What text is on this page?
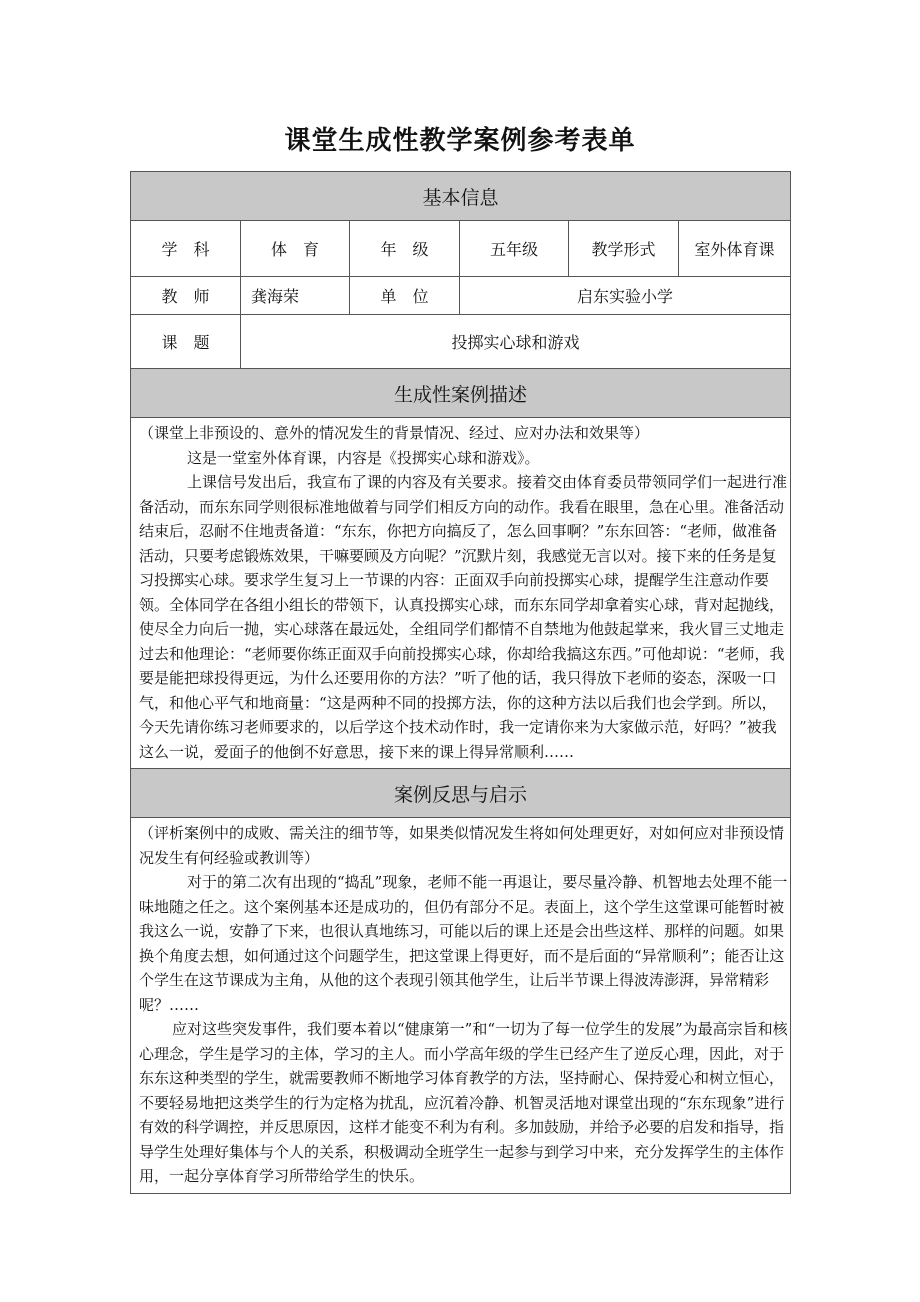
课堂生成性教学案例参考表单
基本信息					
学　科	体　育	年　级	五年级	教学形式	室外体育课
教　师	龚海荣	单　位	启东实验小学		
课　题	投掷实心球和游戏				
生成性案例描述					

（课堂上非预设的、意外的情况发生的背景情况、经过、应对办法和效果等）

这是一堂室外体育课，内容是《投掷实心球和游戏》。

上课信号发出后，我宣布了课的内容及有关要求。接着交由体育委员带领同学们一起进行准备活动，而东东同学则很标准地做着与同学们相反方向的动作。我看在眼里，急在心里。准备活动结束后，忍耐不住地责备道：“东东，你把方向搞反了，怎么回事啊？”东东回答：“老师，做准备活动，只要考虑锻炼效果，干嘛要顾及方向呢？”沉默片刻，我感觉无言以对。接下来的任务是复习投掷实心球。要求学生复习上一节课的内容：正面双手向前投掷实心球，提醒学生注意动作要领。全体同学在各组小组长的带领下，认真投掷实心球，而东东同学却拿着实心球，背对起抛线，使尽全力向后一抛，实心球落在最远处，全组同学们都情不自禁地为他鼓起掌来，我火冒三丈地走过去和他理论：“老师要你练正面双手向前投掷实心球，你却给我搞这东西。”可他却说：“老师，我要是能把球投得更远，为什么还要用你的方法？”听了他的话，我只得放下老师的姿态，深吸一口气，和他心平气和地商量：“这是两种不同的投掷方法，你的这种方法以后我们也会学到。所以，今天先请你练习老师要求的，以后学这个技术动作时，我一定请你来为大家做示范，好吗？”被我这么一说，爱面子的他倒不好意思，接下来的课上得异常顺利……					

案例反思与启示					

（评析案例中的成败、需关注的细节等，如果类似情况发生将如何处理更好，对如何应对非预设情况发生有何经验或教训等）

对于的第二次有出现的“捣乱”现象，老师不能一再退让，要尽量冷静、机智地去处理不能一味地随之任之。这个案例基本还是成功的，但仍有部分不足。表面上，这个学生这堂课可能暂时被我这么一说，安静了下来，也很认真地练习，可能以后的课上还是会出些这样、那样的问题。如果换个角度去想，如何通过这个问题学生，把这堂课上得更好，而不是后面的“异常顺利”；能否让这个学生在这节课成为主角，从他的这个表现引领其他学生，让后半节课上得波涛澎湃，异常精彩呢？……

应对这些突发事件，我们要本着以“健康第一”和“一切为了每一位学生的发展”为最高宗旨和核心理念，学生是学习的主体，学习的主人。而小学高年级的学生已经产生了逆反心理，因此，对于东东这种类型的学生，就需要教师不断地学习体育教学的方法，坚持耐心、保持爱心和树立恒心，不要轻易地把这类学生的行为定格为扰乱，应沉着冷静、机智灵活地对课堂出现的“东东现象”进行有效的科学调控，并反思原因，这样才能变不利为有利。多加鼓励，并给予必要的启发和指导，指导学生处理好集体与个人的关系，积极调动全班学生一起参与到学习中来，充分发挥学生的主体作用，一起分享体育学习所带给学生的快乐。					
